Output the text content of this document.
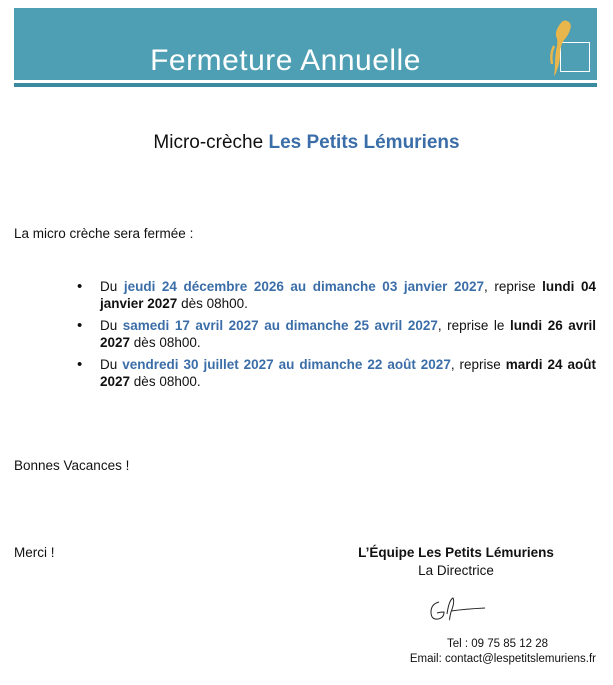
Fermeture Annuelle
Micro-crèche Les Petits Lémuriens
La micro crèche sera fermée :
• Du jeudi 24 décembre 2026 au dimanche 03 janvier 2027, reprise lundi 04 janvier 2027 dès 08h00.
• Du samedi 17 avril 2027 au dimanche 25 avril 2027, reprise le lundi 26 avril 2027 dès 08h00.
• Du vendredi 30 juillet 2027 au dimanche 22 août 2027, reprise mardi 24 août 2027 dès 08h00.
Bonnes Vacances !
Merci !	L’Équipe Les Petits Lémuriens
La Directrice
Tel : 09 75 85 12 28
Email: contact@lespetitslemuriens.fr
